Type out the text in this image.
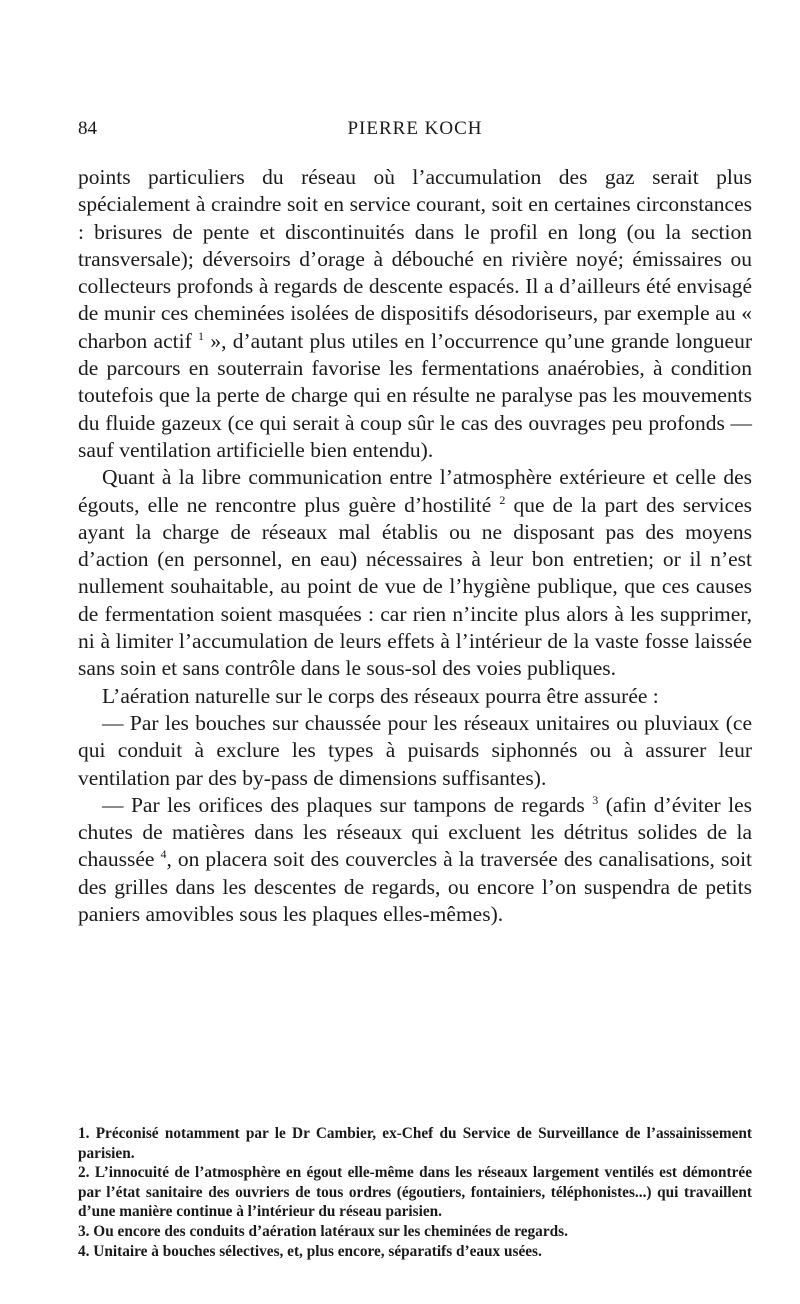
84	PIERRE KOCH

points particuliers du réseau où l’accumulation des gaz serait plus spécialement à craindre soit en service courant, soit en certaines circonstances : brisures de pente et discontinuités dans le profil en long (ou la section transversale); déversoirs d’orage à débouché en rivière noyé; émissaires ou collecteurs profonds à regards de descente espacés. Il a d’ailleurs été envisagé de munir ces cheminées isolées de dispositifs désodoriseurs, par exemple au « charbon actif $^1$ », d’autant plus utiles en l’occurrence qu’une grande longueur de parcours en souterrain favorise les fermentations anaérobies, à condition toutefois que la perte de charge qui en résulte ne paralyse pas les mouvements du fluide gazeux (ce qui serait à coup sûr le cas des ouvrages peu profonds — sauf ventilation artificielle bien entendu).

Quant à la libre communication entre l’atmosphère extérieure et celle des égouts, elle ne rencontre plus guère d’hostilité $^2$ que de la part des services ayant la charge de réseaux mal établis ou ne disposant pas des moyens d’action (en personnel, en eau) nécessaires à leur bon entretien; or il n’est nullement souhaitable, au point de vue de l’hygiène publique, que ces causes de fermentation soient masquées : car rien n’incite plus alors à les supprimer, ni à limiter l’accumulation de leurs effets à l’intérieur de la vaste fosse laissée sans soin et sans contrôle dans le sous-sol des voies publiques.

L’aération naturelle sur le corps des réseaux pourra être assurée :

— Par les bouches sur chaussée pour les réseaux unitaires ou pluviaux (ce qui conduit à exclure les types à puisards siphonnés ou à assurer leur ventilation par des by-pass de dimensions suffisantes).

— Par les orifices des plaques sur tampons de regards $^3$ (afin d’éviter les chutes de matières dans les réseaux qui excluent les détritus solides de la chaussée $^4$, on placera soit des couvercles à la traversée des canalisations, soit des grilles dans les descentes de regards, ou encore l’on suspendra de petits paniers amovibles sous les plaques elles-mêmes).

1. Préconisé notamment par le Dr Cambier, ex-Chef du Service de Surveillance de l’assainissement parisien.

2. L’innocuité de l’atmosphère en égout elle-même dans les réseaux largement ventilés est démontrée par l’état sanitaire des ouvriers de tous ordres (égoutiers, fontainiers, téléphonistes...) qui travaillent d’une manière continue à l’intérieur du réseau parisien.

3. Ou encore des conduits d’aération latéraux sur les cheminées de regards.

4. Unitaire à bouches sélectives, et, plus encore, séparatifs d’eaux usées.
